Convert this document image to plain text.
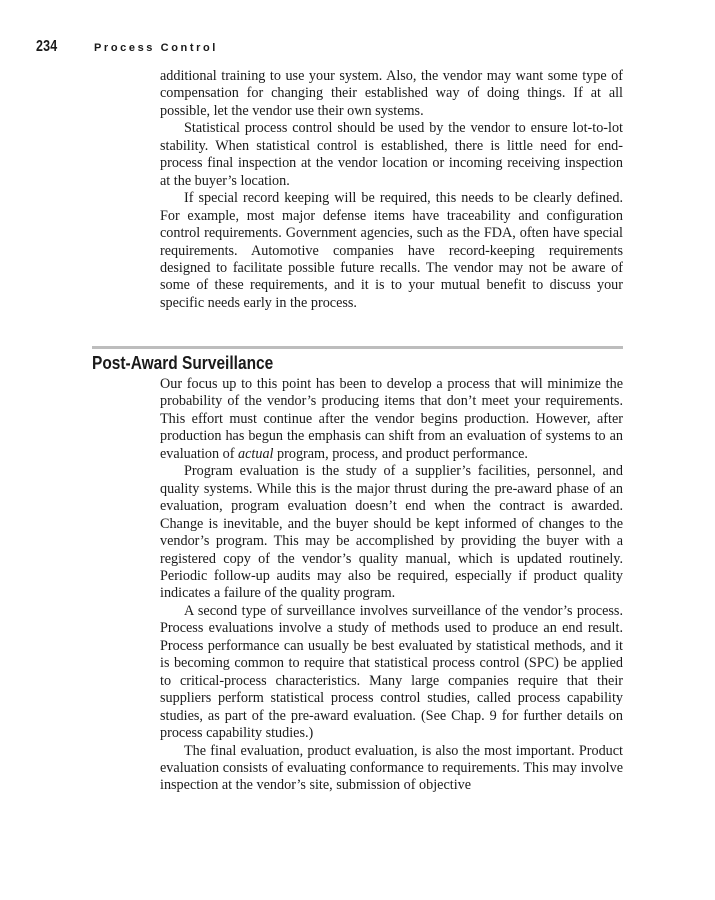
234	Process Control

additional training to use your system. Also, the vendor may want some type of compensation for changing their established way of doing things. If at all possible, let the vendor use their own systems.

Statistical process control should be used by the vendor to ensure lot-to-lot stability. When statistical control is established, there is little need for end-process final inspection at the vendor location or incoming receiving inspection at the buyer’s location.

If special record keeping will be required, this needs to be clearly defined. For example, most major defense items have traceability and configuration control requirements. Government agencies, such as the FDA, often have special requirements. Automotive companies have record-keeping requirements designed to facilitate possible future recalls. The vendor may not be aware of some of these requirements, and it is to your mutual benefit to discuss your specific needs early in the process.

Post-Award Surveillance

Our focus up to this point has been to develop a process that will minimize the probability of the vendor’s producing items that don’t meet your requirements. This effort must continue after the vendor begins production. However, after production has begun the emphasis can shift from an evaluation of systems to an evaluation of actual program, process, and product performance.

Program evaluation is the study of a supplier’s facilities, personnel, and quality systems. While this is the major thrust during the pre-award phase of an evaluation, program evaluation doesn’t end when the contract is awarded. Change is inevitable, and the buyer should be kept informed of changes to the vendor’s program. This may be accomplished by providing the buyer with a registered copy of the vendor’s quality manual, which is updated routinely. Periodic follow-up audits may also be required, especially if product quality indicates a failure of the quality program.

A second type of surveillance involves surveillance of the vendor’s process. Process evaluations involve a study of methods used to produce an end result. Process performance can usually be best evaluated by statistical methods, and it is becoming common to require that statistical process control (SPC) be applied to critical-process characteristics. Many large companies require that their suppliers perform statistical process control studies, called process capability studies, as part of the pre-award evaluation. (See Chap. 9 for further details on process capability studies.)

The final evaluation, product evaluation, is also the most important. Product evaluation consists of evaluating conformance to requirements. This may involve inspection at the vendor’s site, submission of objective
